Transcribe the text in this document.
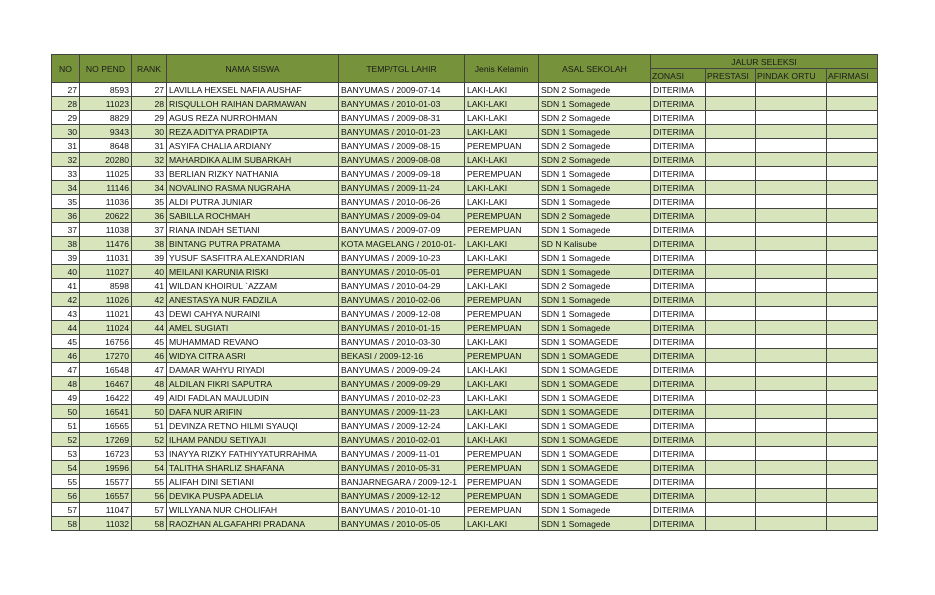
NO	NO PEND	RANK	NAMA SISWA	TEMP/TGL LAHIR	Jenis Kelamin	ASAL SEKOLAH	JALUR SELEKSI			
							ZONASI	PRESTASI	PINDAK ORTU	AFIRMASI
27	8593	27	LAVILLA HEXSEL NAFIA AUSHAF	BANYUMAS / 2009-07-14	LAKI-LAKI	SDN 2 Somagede	DITERIMA			
28	11023	28	RISQULLOH RAIHAN DARMAWAN	BANYUMAS / 2010-01-03	LAKI-LAKI	SDN 1 Somagede	DITERIMA			
29	8829	29	AGUS REZA NURROHMAN	BANYUMAS / 2009-08-31	LAKI-LAKI	SDN 2 Somagede	DITERIMA			
30	9343	30	REZA ADITYA PRADIPTA	BANYUMAS / 2010-01-23	LAKI-LAKI	SDN 1 Somagede	DITERIMA			
31	8648	31	ASYIFA CHALIA ARDIANY	BANYUMAS / 2009-08-15	PEREMPUAN	SDN 2 Somagede	DITERIMA			
32	20280	32	MAHARDIKA ALIM SUBARKAH	BANYUMAS / 2009-08-08	LAKI-LAKI	SDN 2 Somagede	DITERIMA			
33	11025	33	BERLIAN RIZKY NATHANIA	BANYUMAS / 2009-09-18	PEREMPUAN	SDN 1 Somagede	DITERIMA			
34	11146	34	NOVALINO RASMA NUGRAHA	BANYUMAS / 2009-11-24	LAKI-LAKI	SDN 1 Somagede	DITERIMA			
35	11036	35	ALDI PUTRA JUNIAR	BANYUMAS / 2010-06-26	LAKI-LAKI	SDN 1 Somagede	DITERIMA			
36	20622	36	SABILLA ROCHMAH	BANYUMAS / 2009-09-04	PEREMPUAN	SDN 2 Somagede	DITERIMA			
37	11038	37	RIANA INDAH SETIANI	BANYUMAS / 2009-07-09	PEREMPUAN	SDN 1 Somagede	DITERIMA			
38	11476	38	BINTANG PUTRA PRATAMA	KOTA MAGELANG / 2010-01-	LAKI-LAKI	SD N Kalisube	DITERIMA			
39	11031	39	YUSUF SASFITRA ALEXANDRIAN	BANYUMAS / 2009-10-23	LAKI-LAKI	SDN 1 Somagede	DITERIMA			
40	11027	40	MEILANI KARUNIA RISKI	BANYUMAS / 2010-05-01	PEREMPUAN	SDN 1 Somagede	DITERIMA			
41	8598	41	WILDAN KHOIRUL `AZZAM	BANYUMAS / 2010-04-29	LAKI-LAKI	SDN 2 Somagede	DITERIMA			
42	11026	42	ANESTASYA NUR FADZILA	BANYUMAS / 2010-02-06	PEREMPUAN	SDN 1 Somagede	DITERIMA			
43	11021	43	DEWI CAHYA NURAINI	BANYUMAS / 2009-12-08	PEREMPUAN	SDN 1 Somagede	DITERIMA			
44	11024	44	AMEL SUGIATI	BANYUMAS / 2010-01-15	PEREMPUAN	SDN 1 Somagede	DITERIMA			
45	16756	45	MUHAMMAD REVANO	BANYUMAS / 2010-03-30	LAKI-LAKI	SDN 1 SOMAGEDE	DITERIMA			
46	17270	46	WIDYA CITRA ASRI	BEKASI / 2009-12-16	PEREMPUAN	SDN 1 SOMAGEDE	DITERIMA			
47	16548	47	DAMAR WAHYU RIYADI	BANYUMAS / 2009-09-24	LAKI-LAKI	SDN 1 SOMAGEDE	DITERIMA			
48	16467	48	ALDILAN FIKRI SAPUTRA	BANYUMAS / 2009-09-29	LAKI-LAKI	SDN 1 SOMAGEDE	DITERIMA			
49	16422	49	AIDI FADLAN MAULUDIN	BANYUMAS / 2010-02-23	LAKI-LAKI	SDN 1 SOMAGEDE	DITERIMA			
50	16541	50	DAFA NUR ARIFIN	BANYUMAS / 2009-11-23	LAKI-LAKI	SDN 1 SOMAGEDE	DITERIMA			
51	16565	51	DEVINZA RETNO HILMI SYAUQI	BANYUMAS / 2009-12-24	LAKI-LAKI	SDN 1 SOMAGEDE	DITERIMA			
52	17269	52	ILHAM PANDU SETIYAJI	BANYUMAS / 2010-02-01	LAKI-LAKI	SDN 1 SOMAGEDE	DITERIMA			
53	16723	53	INAYYA RIZKY FATHIYYATURRAHMA	BANYUMAS / 2009-11-01	PEREMPUAN	SDN 1 SOMAGEDE	DITERIMA			
54	19596	54	TALITHA SHARLIZ SHAFANA	BANYUMAS / 2010-05-31	PEREMPUAN	SDN 1 SOMAGEDE	DITERIMA			
55	15577	55	ALIFAH DINI SETIANI	BANJARNEGARA / 2009-12-1	PEREMPUAN	SDN 1 SOMAGEDE	DITERIMA			
56	16557	56	DEVIKA PUSPA ADELIA	BANYUMAS / 2009-12-12	PEREMPUAN	SDN 1 SOMAGEDE	DITERIMA			
57	11047	57	WILLYANA NUR CHOLIFAH	BANYUMAS / 2010-01-10	PEREMPUAN	SDN 1 Somagede	DITERIMA			
58	11032	58	RAOZHAN ALGAFAHRI PRADANA	BANYUMAS / 2010-05-05	LAKI-LAKI	SDN 1 Somagede	DITERIMA			
